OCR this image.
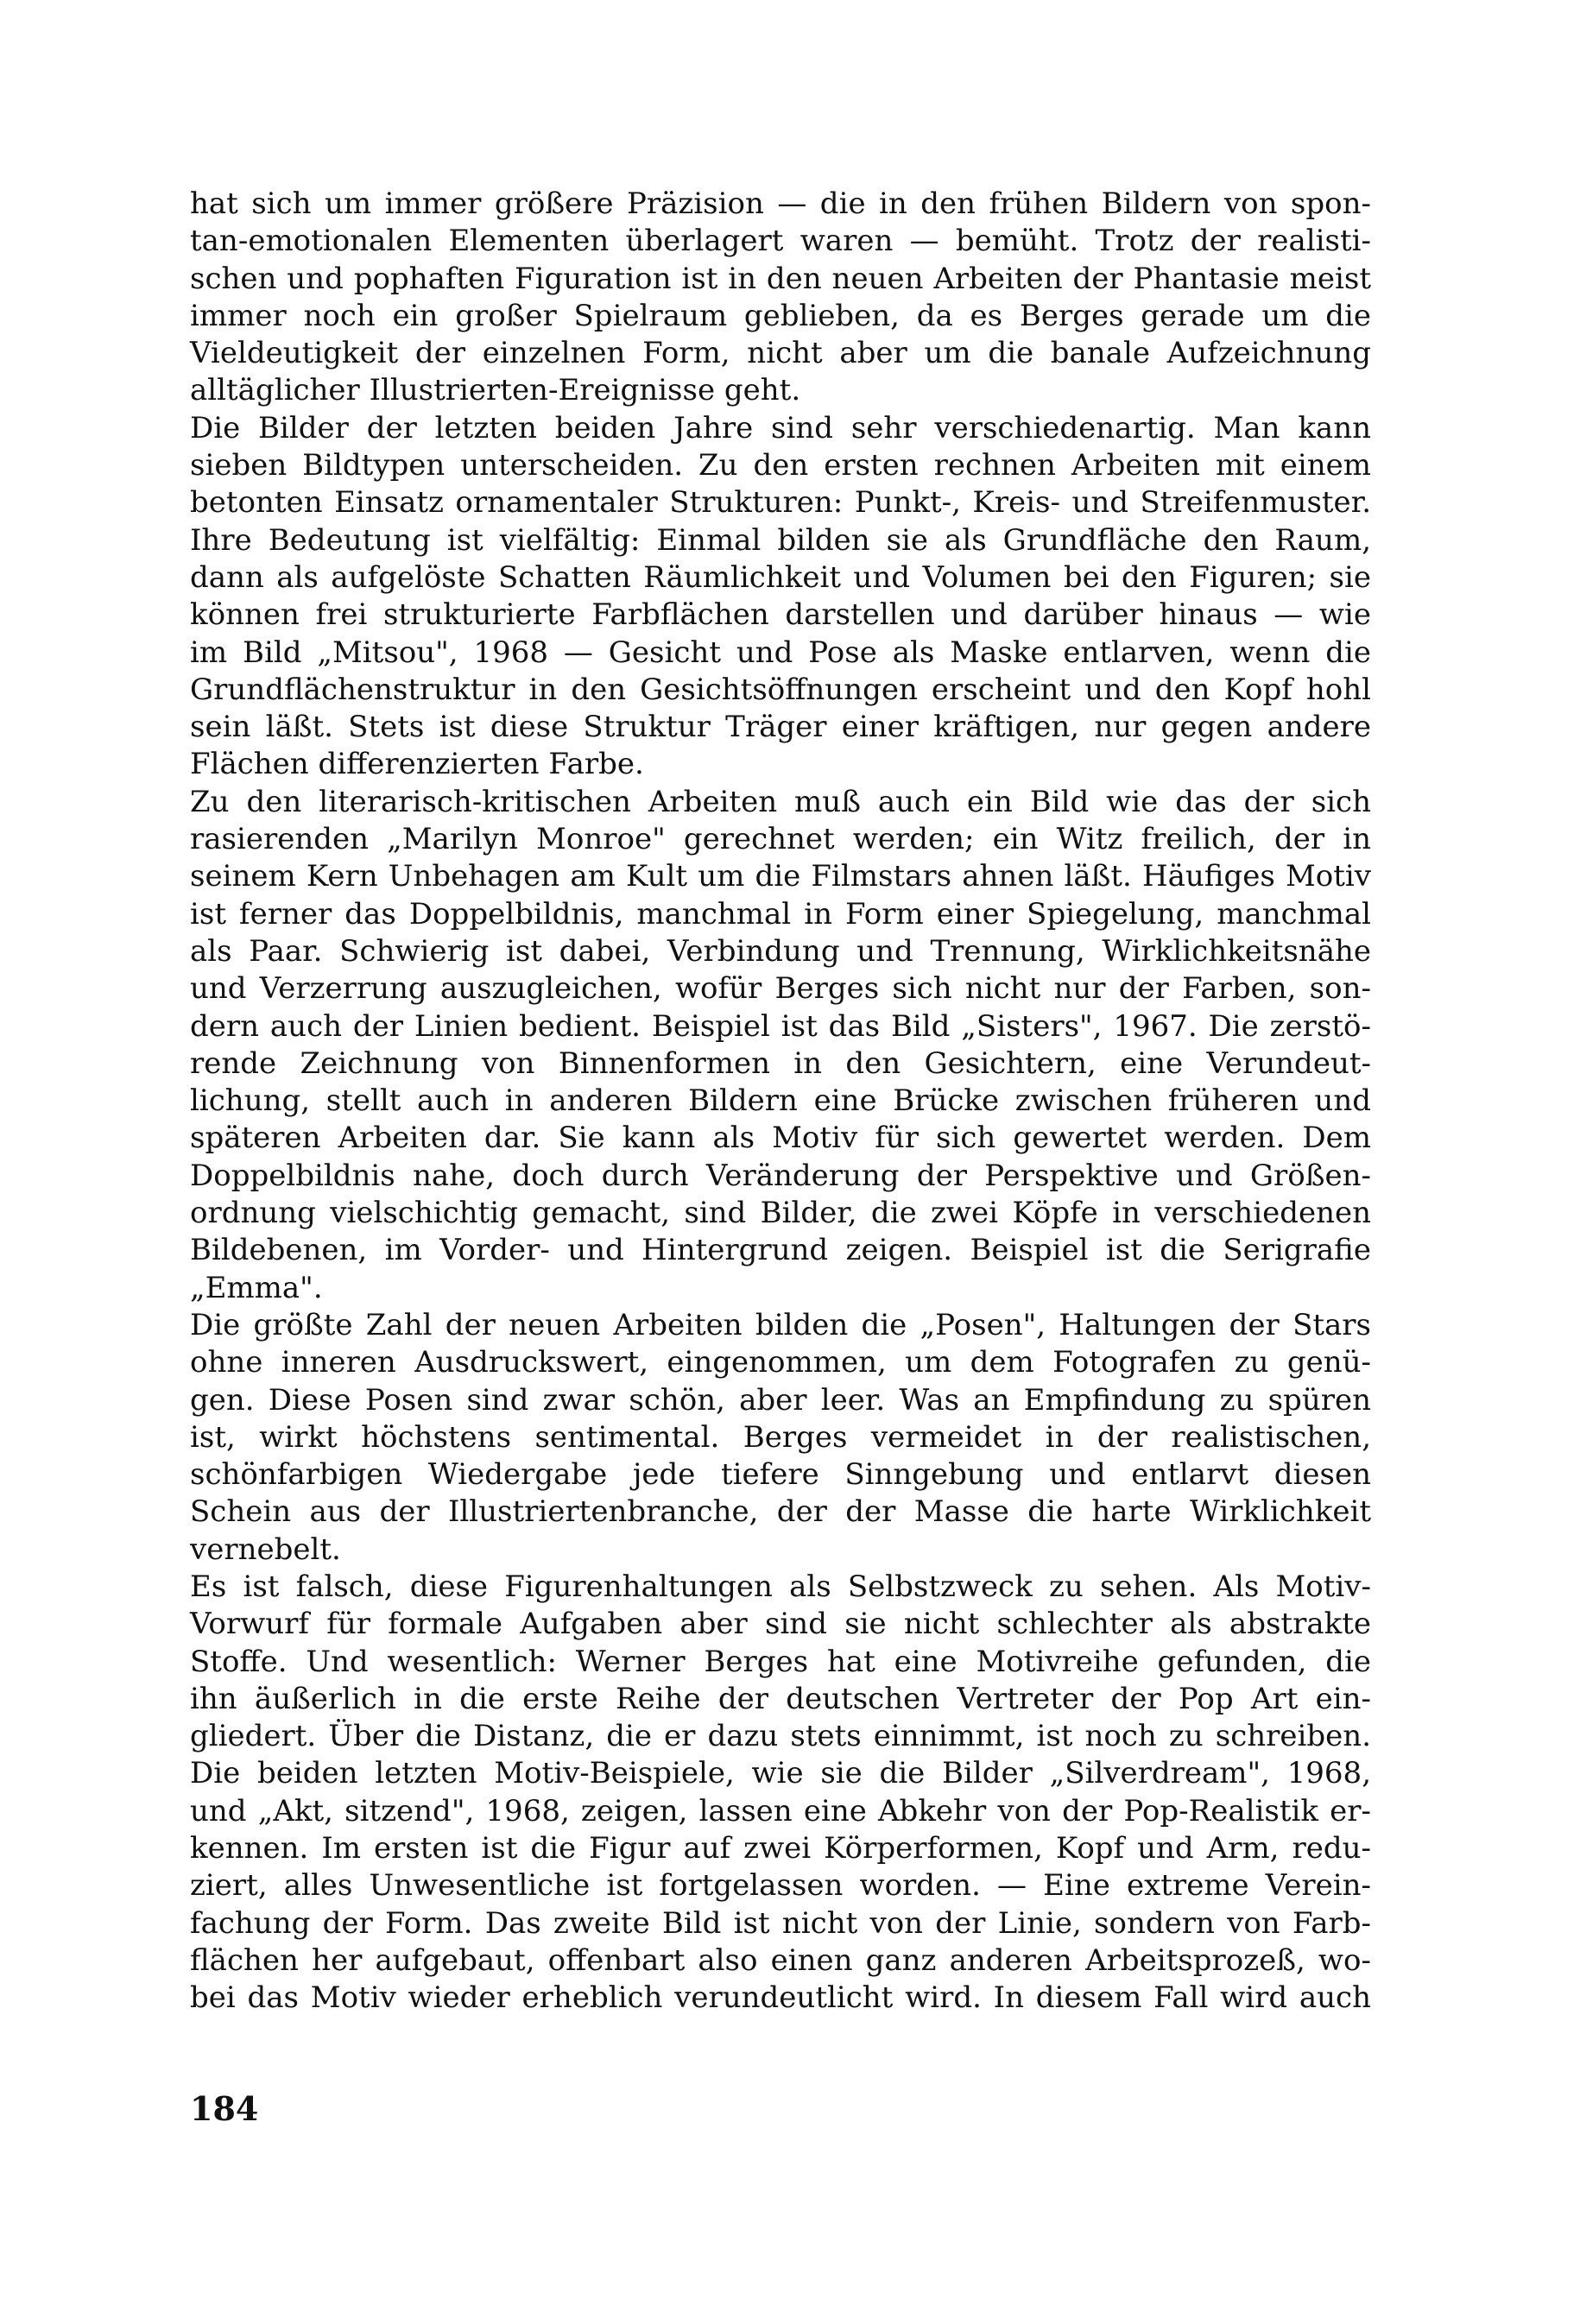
hat sich um immer größere Präzision — die in den frühen Bildern von spon-
tan-emotionalen Elementen überlagert waren — bemüht. Trotz der realisti-
schen und pophaften Figuration ist in den neuen Arbeiten der Phantasie meist
immer noch ein großer Spielraum geblieben, da es Berges gerade um die
Vieldeutigkeit der einzelnen Form, nicht aber um die banale Aufzeichnung
alltäglicher Illustrierten-Ereignisse geht.
Die Bilder der letzten beiden Jahre sind sehr verschiedenartig. Man kann
sieben Bildtypen unterscheiden. Zu den ersten rechnen Arbeiten mit einem
betonten Einsatz ornamentaler Strukturen: Punkt-, Kreis- und Streifenmuster.
Ihre Bedeutung ist vielfältig: Einmal bilden sie als Grundfläche den Raum,
dann als aufgelöste Schatten Räumlichkeit und Volumen bei den Figuren; sie
können frei strukturierte Farbflächen darstellen und darüber hinaus — wie
im Bild „Mitsou", 1968 — Gesicht und Pose als Maske entlarven, wenn die
Grundflächenstruktur in den Gesichtsöffnungen erscheint und den Kopf hohl
sein läßt. Stets ist diese Struktur Träger einer kräftigen, nur gegen andere
Flächen differenzierten Farbe.
Zu den literarisch-kritischen Arbeiten muß auch ein Bild wie das der sich
rasierenden „Marilyn Monroe" gerechnet werden; ein Witz freilich, der in
seinem Kern Unbehagen am Kult um die Filmstars ahnen läßt. Häufiges Motiv
ist ferner das Doppelbildnis, manchmal in Form einer Spiegelung, manchmal
als Paar. Schwierig ist dabei, Verbindung und Trennung, Wirklichkeitsnähe
und Verzerrung auszugleichen, wofür Berges sich nicht nur der Farben, son-
dern auch der Linien bedient. Beispiel ist das Bild „Sisters", 1967. Die zerstö-
rende Zeichnung von Binnenformen in den Gesichtern, eine Verundeut-
lichung, stellt auch in anderen Bildern eine Brücke zwischen früheren und
späteren Arbeiten dar. Sie kann als Motiv für sich gewertet werden. Dem
Doppelbildnis nahe, doch durch Veränderung der Perspektive und Größen-
ordnung vielschichtig gemacht, sind Bilder, die zwei Köpfe in verschiedenen
Bildebenen, im Vorder- und Hintergrund zeigen. Beispiel ist die Serigrafie
„Emma".
Die größte Zahl der neuen Arbeiten bilden die „Posen", Haltungen der Stars
ohne inneren Ausdruckswert, eingenommen, um dem Fotografen zu genü-
gen. Diese Posen sind zwar schön, aber leer. Was an Empfindung zu spüren
ist, wirkt höchstens sentimental. Berges vermeidet in der realistischen,
schönfarbigen Wiedergabe jede tiefere Sinngebung und entlarvt diesen
Schein aus der Illustriertenbranche, der der Masse die harte Wirklichkeit
vernebelt.
Es ist falsch, diese Figurenhaltungen als Selbstzweck zu sehen. Als Motiv-
Vorwurf für formale Aufgaben aber sind sie nicht schlechter als abstrakte
Stoffe. Und wesentlich: Werner Berges hat eine Motivreihe gefunden, die
ihn äußerlich in die erste Reihe der deutschen Vertreter der Pop Art ein-
gliedert. Über die Distanz, die er dazu stets einnimmt, ist noch zu schreiben.
Die beiden letzten Motiv-Beispiele, wie sie die Bilder „Silverdream", 1968,
und „Akt, sitzend", 1968, zeigen, lassen eine Abkehr von der Pop-Realistik er-
kennen. Im ersten ist die Figur auf zwei Körperformen, Kopf und Arm, redu-
ziert, alles Unwesentliche ist fortgelassen worden. — Eine extreme Verein-
fachung der Form. Das zweite Bild ist nicht von der Linie, sondern von Farb-
flächen her aufgebaut, offenbart also einen ganz anderen Arbeitsprozeß, wo-
bei das Motiv wieder erheblich verundeutlicht wird. In diesem Fall wird auch
184
